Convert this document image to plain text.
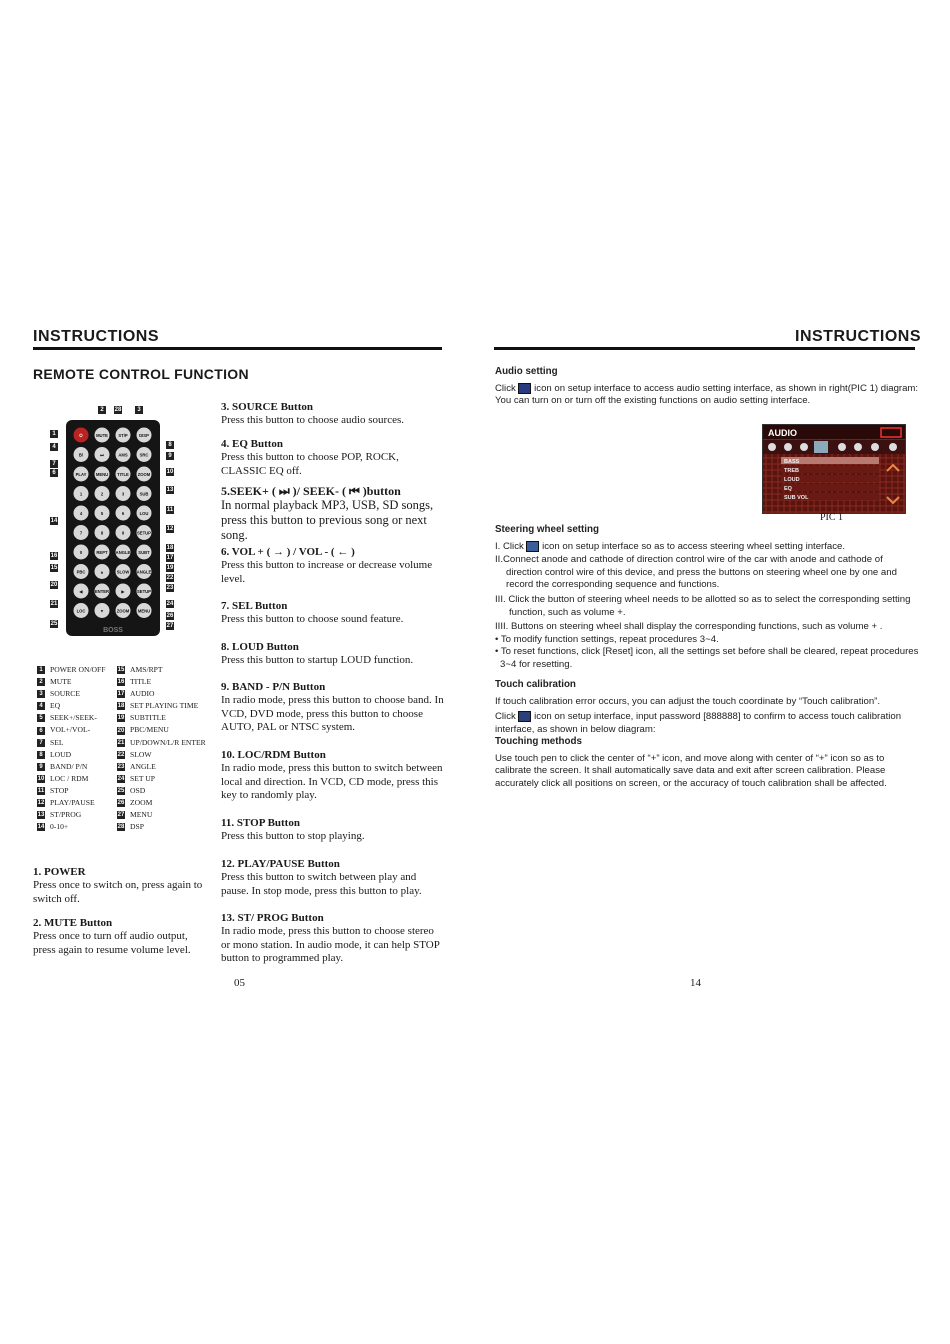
INSTRUCTIONS
REMOTE CONTROL FUNCTION
⏻	MUTE ST/P	DISP
B/	⏭	AMS	SRC
PLAY MENU TITLE ZOOM
1	2	3	SUB
4	5	6	LOU
7	8	9	SETUP
0	REPT ANGLE SUBT
PBC	▲	SLOW ANGLE
◀	ENTER	▶	SETUP
LOC	▼	ZOOM MENU
BOSS
2	28	3
1
4
7
6
14
16
15
20
21
25
8
9
10
13
11
12
18
17
19
22
23
24
26
27
1 POWER ON/OFF
2 MUTE
3 SOURCE
4 EQ
5 SEEK+/SEEK-
6 VOL+/VOL-
7 SEL
8 LOUD
9 BAND/ P/N
10 LOC / RDM
11 STOP
12 PLAY/PAUSE
13 ST/PROG
14 0-10+
15 AMS/RPT
16 TITLE
17 AUDIO
18 SET PLAYING TIME
19 SUBTITLE
20 PBC/MENU
21 UP/DOWN/L/R ENTER
22 SLOW
23 ANGLE
24 SET UP
25 OSD
26 ZOOM
27 MENU
28 DSP
1. POWER

Press once to switch on, press again to switch off.

2. MUTE Button

Press once to turn off audio output, press again to resume volume level.

3. SOURCE Button

Press this button to choose audio sources.

4. EQ Button

Press this button to choose POP, ROCK, CLASSIC EQ off.

5.SEEK+ ( ⏭ )/ SEEK- ( ⏮ )button

In normal playback MP3, USB, SD songs, press this button to previous song or next song.

6. VOL + ( → ) / VOL - ( ← )

Press this button to increase or decrease volume level.

7. SEL Button

Press this button to choose sound feature.

8. LOUD Button

Press this button to startup LOUD function.

9. BAND - P/N Button

In radio mode, press this button to choose band. In VCD, DVD mode, press this button to choose AUTO, PAL or NTSC system.

10. LOC/RDM Button

In radio mode, press this button to switch between local and direction. In VCD, CD mode, press this key to randomly play.

11. STOP Button

Press this button to stop playing.

12. PLAY/PAUSE Button

Press this button to switch between play and pause. In stop mode, press this button to play.

13. ST/ PROG Button

In radio mode, press this button to choose stereo or mono station. In audio mode, it can help STOP button to programmed play.

05
INSTRUCTIONS
Audio setting

Click icon on setup interface to access audio setting interface, as shown in right(PIC 1) diagram:

You can turn on or turn off the existing functions on audio setting interface.

AUDIO
BASS
TREB
LOUD
EQ
SUB VOL
PIC 1
Steering wheel setting

I. Click icon on setup interface so as to access steering wheel setting interface.

II.Connect anode and cathode of direction control wire of the car with anode and cathode of direction control wire of this device, and press the buttons on steering wheel one by one and record the corresponding sequence and functions.

III. Click the button of steering wheel needs to be allotted so as to select the corresponding setting function, such as volume +.

IIII. Buttons on steering wheel shall display the corresponding functions, such as volume + .

• To modify function settings, repeat procedures 3~4.

• To reset functions, click [Reset] icon, all the settings set before shall be cleared, repeat procedures 3~4 for resetting.

Touch calibration

If touch calibration error occurs, you can adjust the touch coordinate by “Touch calibration”.

Click icon on setup interface, input password [888888] to confirm to access touch calibration interface, as shown in below diagram:

Touching methods

Use touch pen to click the center of “+” icon, and move along with center of “+” icon so as to calibrate the screen. It shall automatically save data and exit after screen calibration. Please accurately click all positions on screen, or the accuracy of touch calibration shall be affected.

14
